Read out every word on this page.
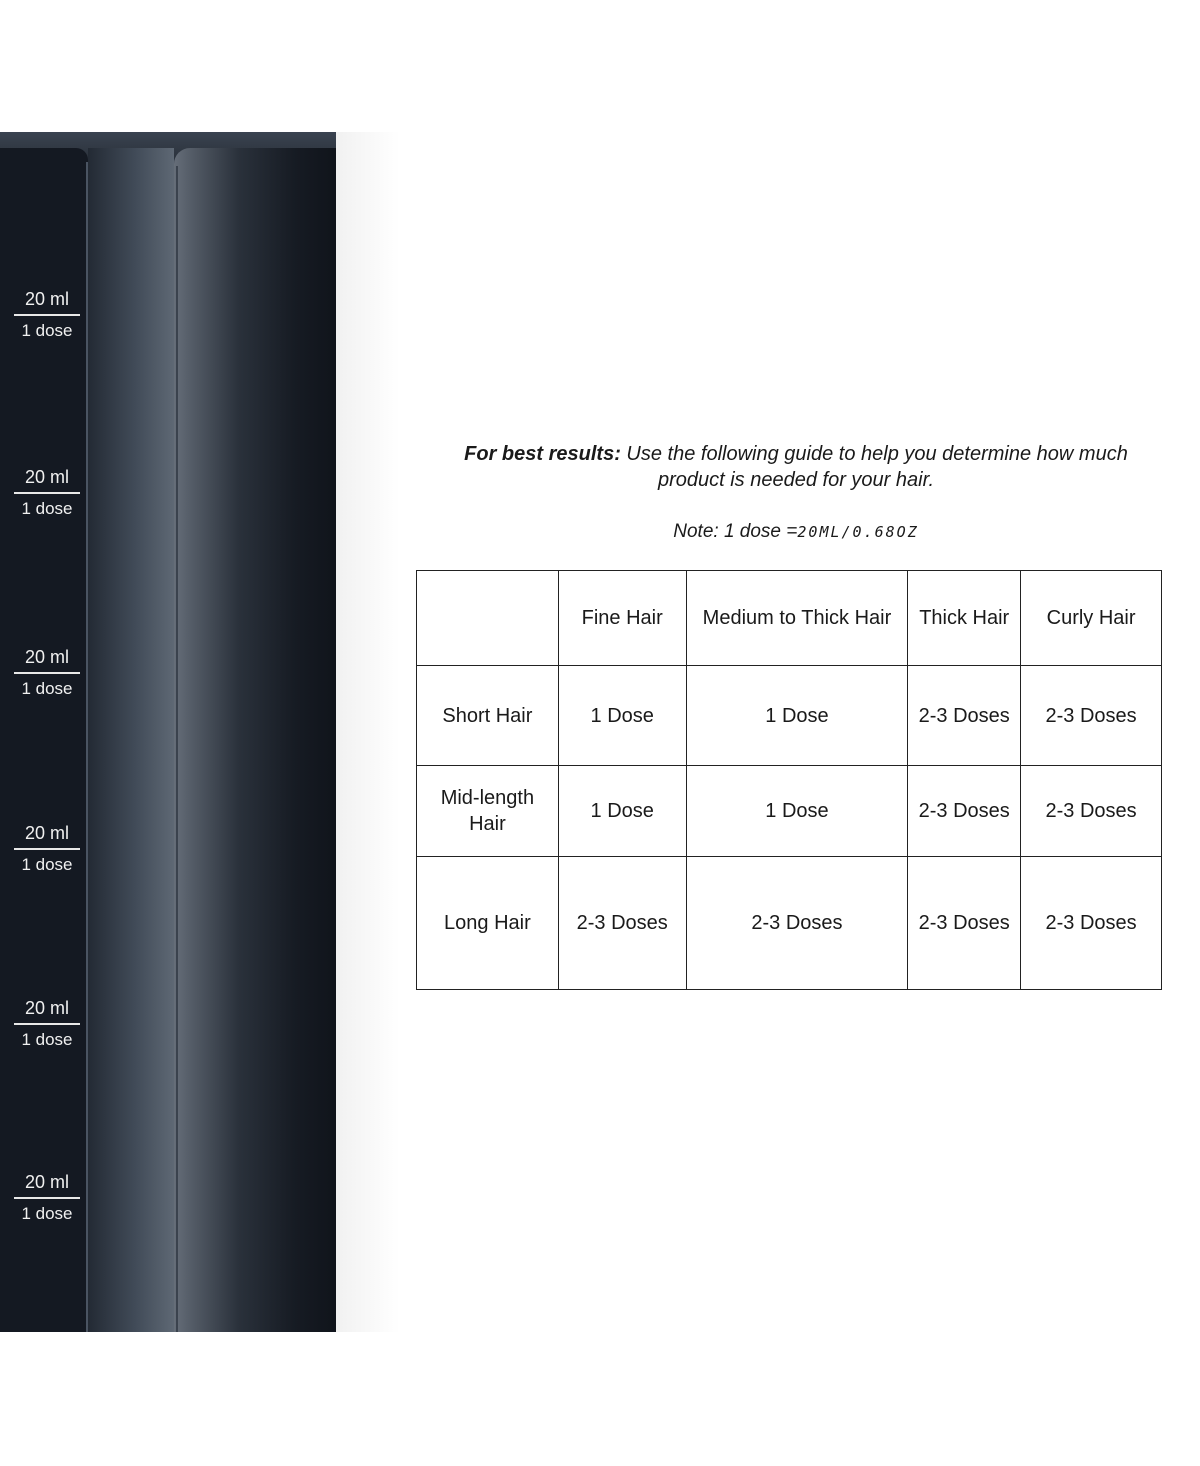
20 ml
1 dose
20 ml
1 dose
20 ml
1 dose
20 ml
1 dose
20 ml
1 dose
20 ml
1 dose

For best results: Use the following guide to help you determine how much product is needed for your hair.

Note: 1 dose =20ML/0.68OZ

	Fine Hair	Medium to Thick Hair	Thick Hair	Curly Hair
Short Hair	1 Dose	1 Dose	2-3 Doses	2-3 Doses
Mid-length Hair	1 Dose	1 Dose	2-3 Doses	2-3 Doses
Long Hair	2-3 Doses	2-3 Doses	2-3 Doses	2-3 Doses
